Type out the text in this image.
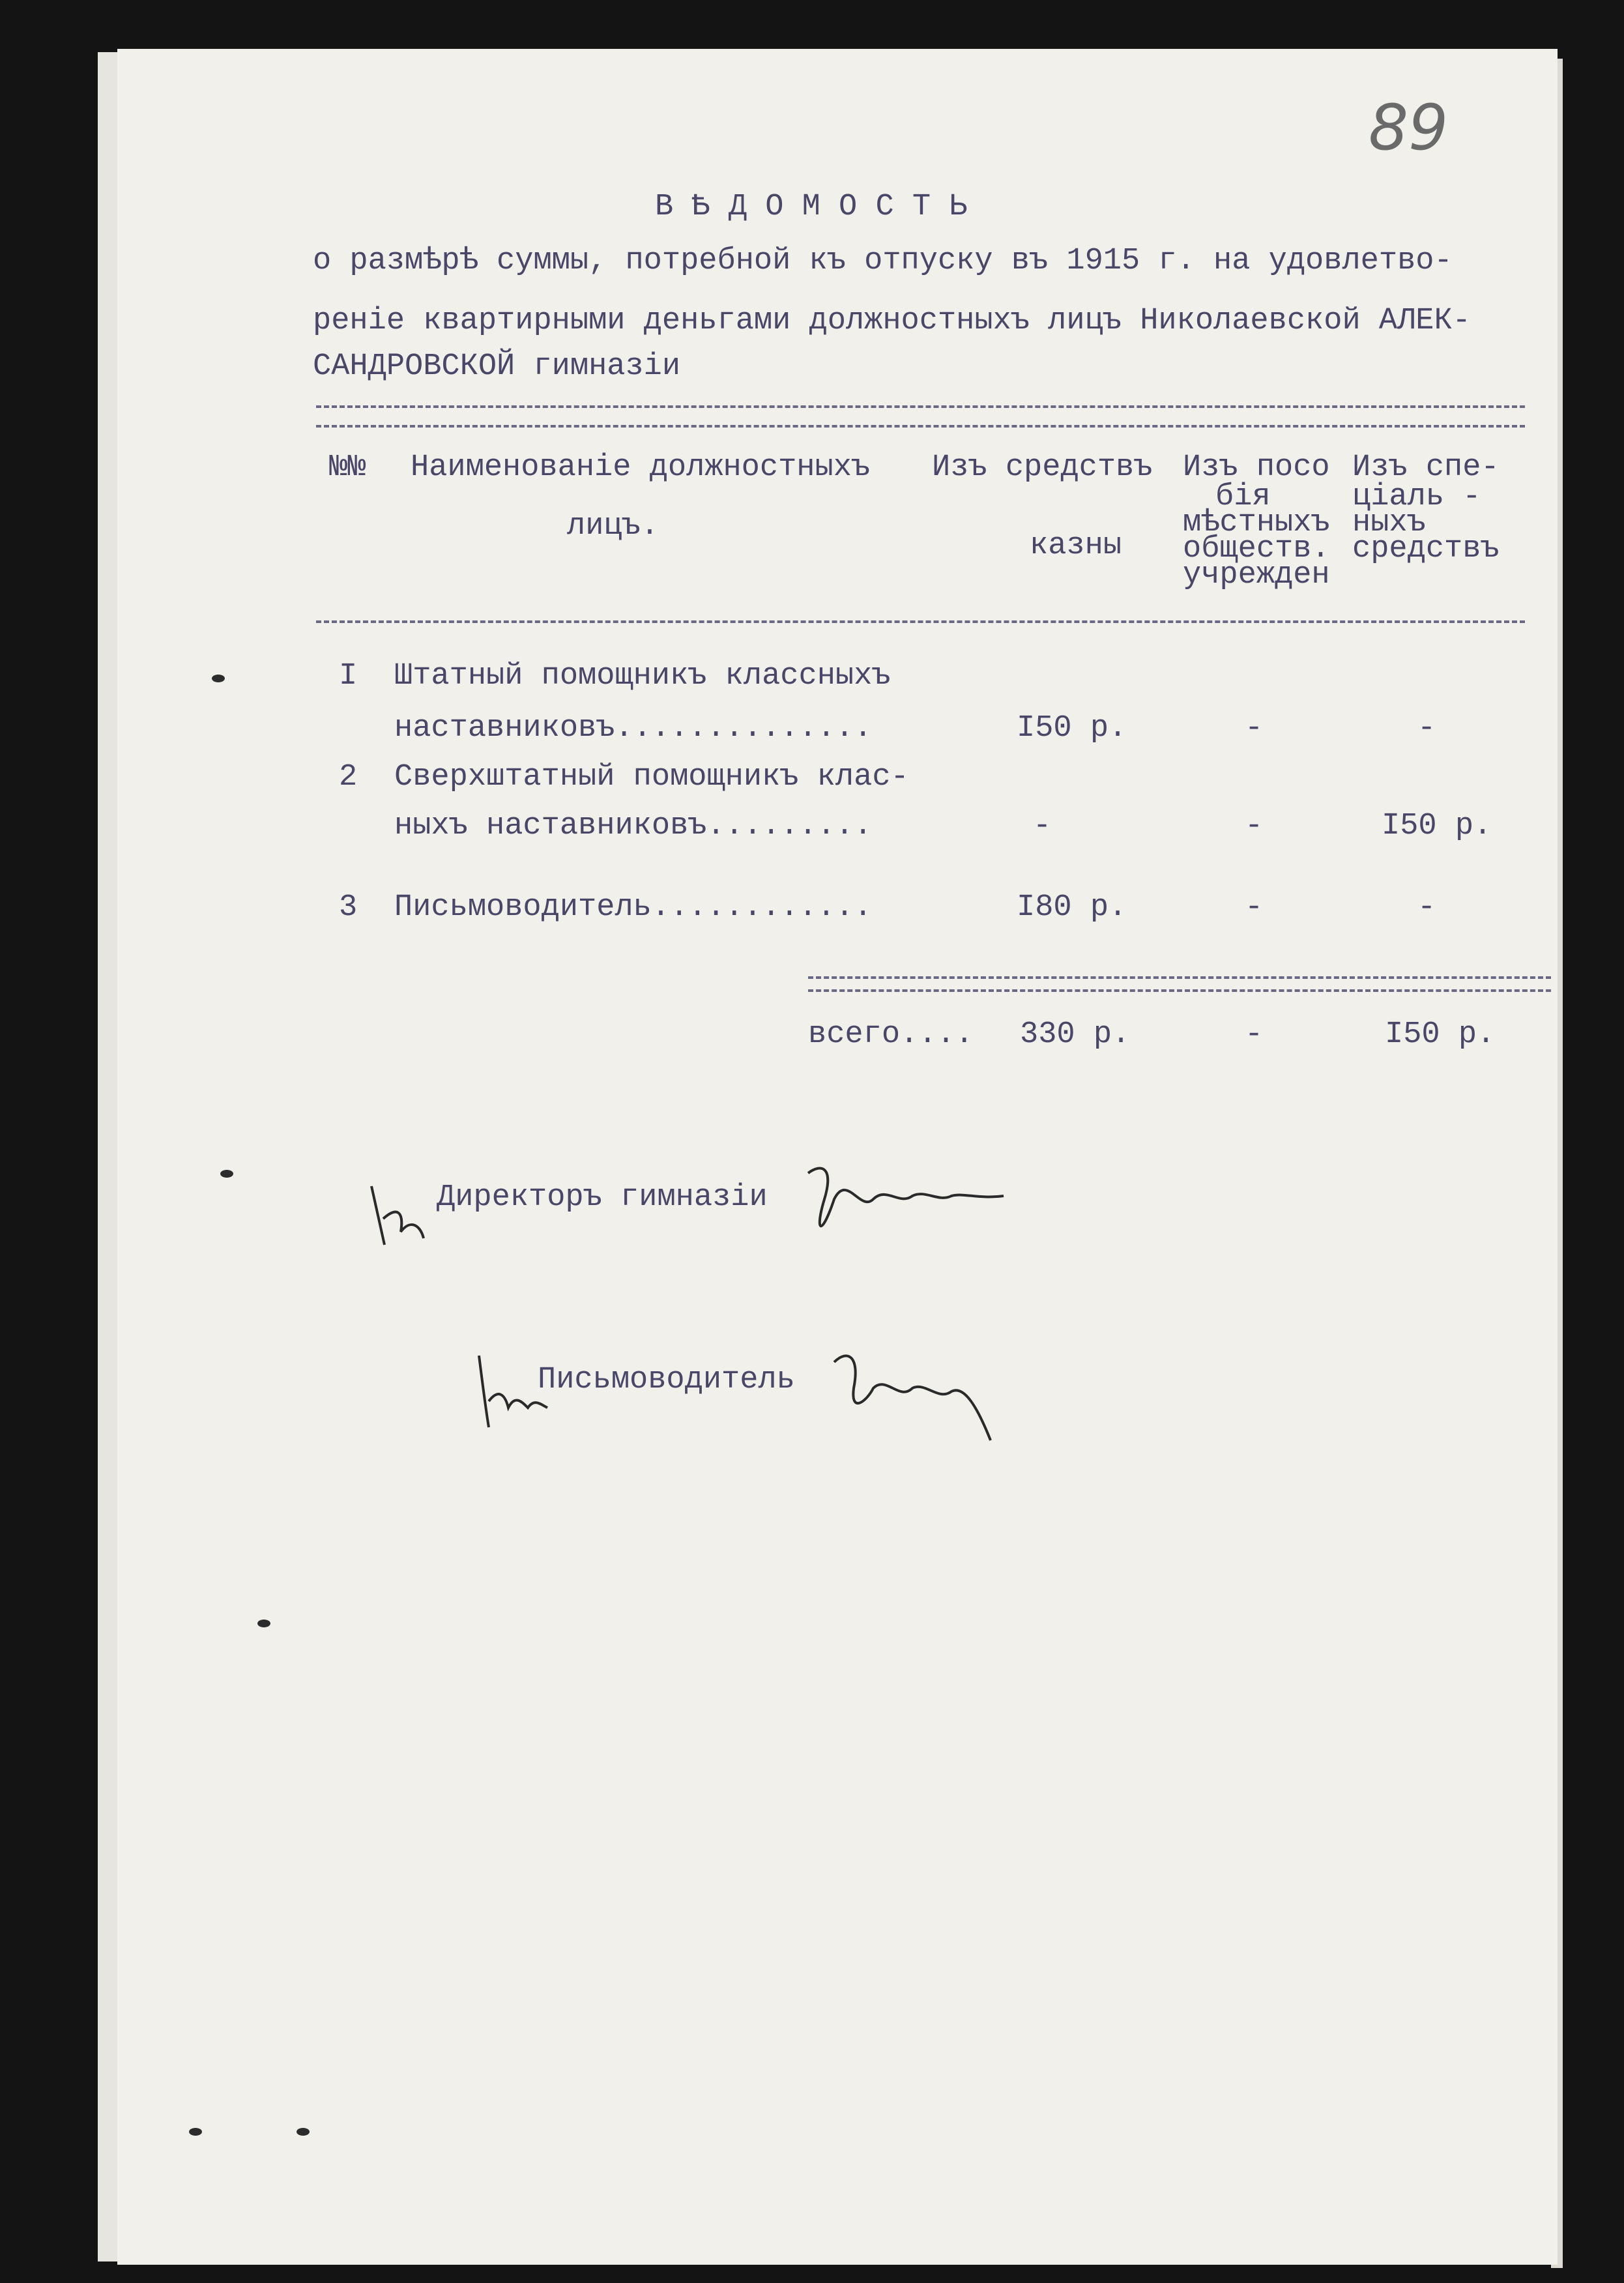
89
В Ѣ Д О М О С Т Ь
о размѣрѣ суммы, потребной къ отпуску въ 1915 г. на удовлетво-
реніе квартирными деньгами должностныхъ лицъ Николаевской АЛЕК-
САНДРОВСКОЙ гимназіи
№№ Наименованіе должностныхъ
лицъ.
Изъ средствъ
казны
Изъ посо
бія
мѣстныхъ
обществ.
учрежден
Изъ спе-
ціаль -
ныхъ
средствъ
I Штатный помощникъ классныхъ
наставниковъ..............	I50 р.	-	-
2 Сверхштатный помощникъ клас-
ныхъ наставниковъ.........	-	-	I50 р.
3 Письмоводитель............	I80 р.	-	-
всего.... 330 р.	-	I50 р.
Директоръ гимназіи
Письмоводитель
